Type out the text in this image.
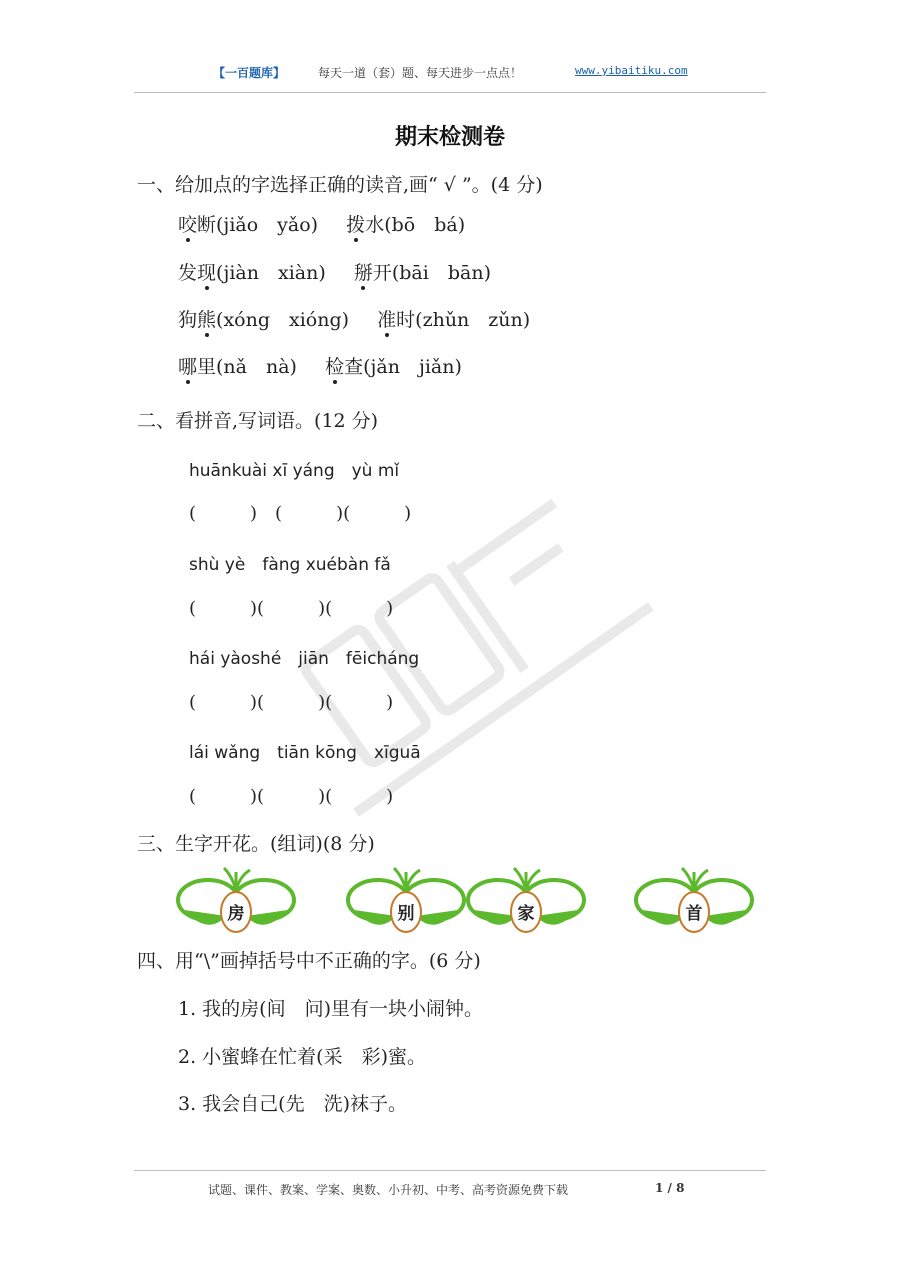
【一百题库】	每天一道（套）题、每天进步一点点！	www.yibaitiku.com
期末检测卷
一、给加点的字选择正确的读音,画“ √ ”。(4 分)
咬断(jiǎo　yǎo) 拨水(bō　bá)
发现(jiàn　xiàn) 掰开(bāi　bān)
狗熊(xóng　xióng) 准时(zhǔn　zǔn)
哪里(nǎ　nà) 检查(jǎn　jiǎn)
二、看拼音,写词语。(12 分)
huānkuài xī yáng　yù mǐ
(　　　)　(　　　)(　　　)
shù yè　fàng xuébàn fǎ
(　　　)(　　　)(　　　)
hái yàoshé　jiān　fēicháng
(　　　)(　　　)(　　　)
lái wǎng　tiān kōng　xīguā
(　　　)(　　　)(　　　)
三、生字开花。(组词)(8 分)
房	别	家	首
四、用“\”画掉括号中不正确的字。(6 分)
1. 我的房(间　问)里有一块小闹钟。
2. 小蜜蜂在忙着(采　彩)蜜。
3. 我会自己(先　洗)袜子。
试题、课件、教案、学案、奥数、小升初、中考、高考资源免费下载	1 / 8
